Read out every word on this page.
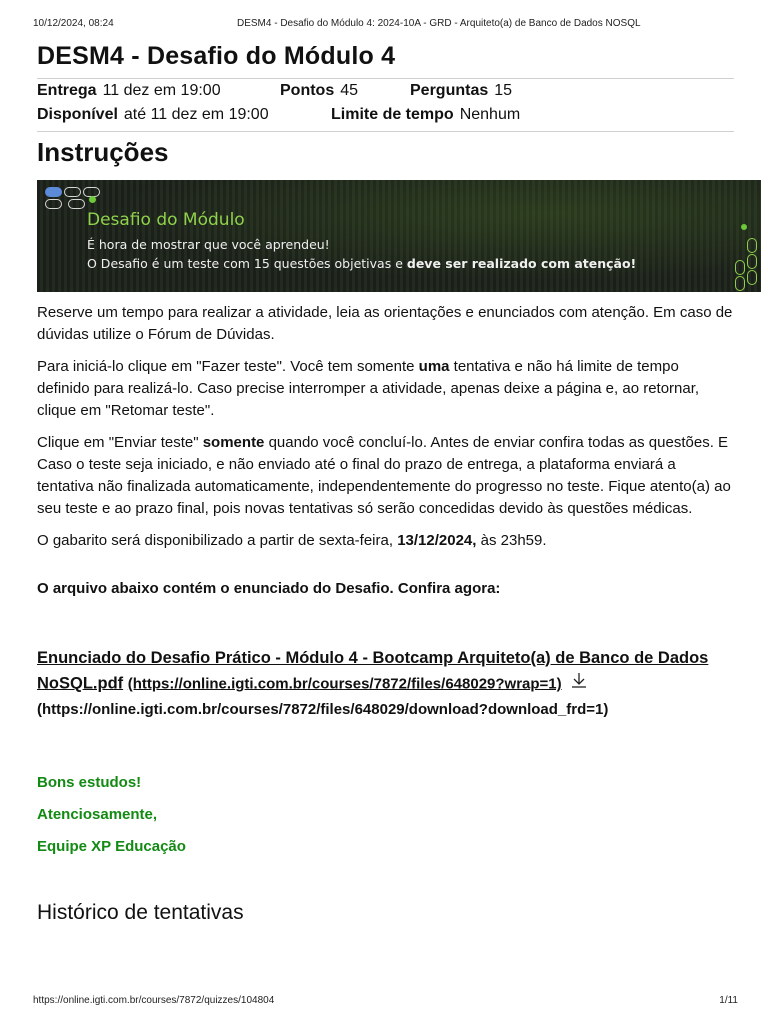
10/12/2024, 08:24	DESM4 - Desafio do Módulo 4: 2024-10A - GRD - Arquiteto(a) de Banco de Dados NOSQL
DESM4 - Desafio do Módulo 4
Entrega 11 dez em 19:00	Pontos 45	Perguntas 15
Disponível até 11 dez em 19:00	Limite de tempo Nenhum
Instruções

Desafio do Módulo
É hora de mostrar que você aprendeu!
O Desafio é um teste com 15 questões objetivas e deve ser realizado com atenção!

Reserve um tempo para realizar a atividade, leia as orientações e enunciados com atenção. Em caso de dúvidas utilize o Fórum de Dúvidas.

Para iniciá-lo clique em "Fazer teste". Você tem somente uma tentativa e não há limite de tempo definido para realizá-lo. Caso precise interromper a atividade, apenas deixe a página e, ao retornar, clique em "Retomar teste".

Clique em "Enviar teste" somente quando você concluí-lo. Antes de enviar confira todas as questões. E Caso o teste seja iniciado, e não enviado até o final do prazo de entrega, a plataforma enviará a tentativa não finalizada automaticamente, independentemente do progresso no teste. Fique atento(a) ao seu teste e ao prazo final, pois novas tentativas só serão concedidas devido às questões médicas.

O gabarito será disponibilizado a partir de sexta-feira, 13/12/2024, às 23h59.

O arquivo abaixo contém o enunciado do Desafio. Confira agora:

Enunciado do Desafio Prático - Módulo 4 - Bootcamp Arquiteto(a) de Banco de Dados NoSQL.pdf (https://online.igti.com.br/courses/7872/files/648029?wrap=1)
(https://online.igti.com.br/courses/7872/files/648029/download?download_frd=1)

Bons estudos!

Atenciosamente,

Equipe XP Educação

Histórico de tentativas
https://online.igti.com.br/courses/7872/quizzes/104804	1/11
